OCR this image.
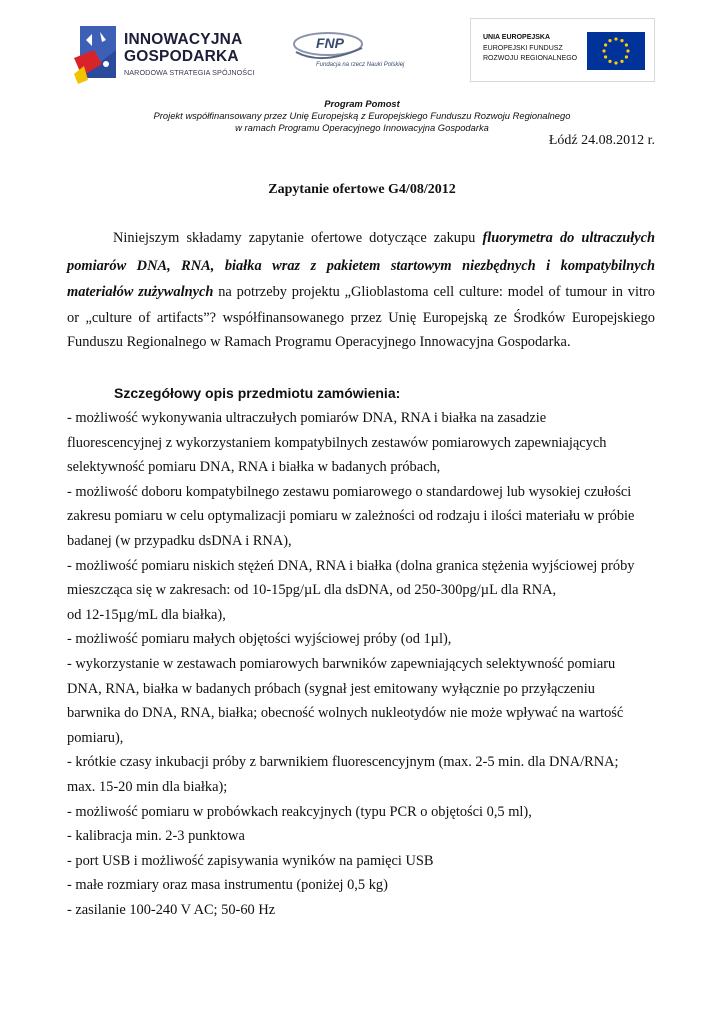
INNOWACYJNA
GOSPODARKA
NARODOWA STRATEGIA SPÓJNOŚCI
FNP
Fundacja na rzecz Nauki Polskiej
UNIA EUROPEJSKA
EUROPEJSKI FUNDUSZ
ROZWOJU REGIONALNEGO
Program Pomost
Projekt współfinansowany przez Unię Europejską z Europejskiego Funduszu Rozwoju Regionalnego
w ramach Programu Operacyjnego Innowacyjna Gospodarka
Łódź 24.08.2012 r.
Zapytanie ofertowe G4/08/2012
Niniejszym składamy zapytanie ofertowe dotyczące zakupu fluorymetra do ultraczułych
pomiarów DNA, RNA, białka wraz z pakietem startowym niezbędnych i kompatybilnych
materiałów zużywalnych na potrzeby projektu „Glioblastoma cell culture: model of tumour in vitro
or „culture of artifacts”? współfinansowanego przez Unię Europejską ze Środków Europejskiego
Funduszu Regionalnego w Ramach Programu Operacyjnego Innowacyjna Gospodarka.
Szczegółowy opis przedmiotu zamówienia:
- możliwość wykonywania ultraczułych pomiarów DNA, RNA i białka na zasadzie
fluorescencyjnej z wykorzystaniem kompatybilnych zestawów pomiarowych zapewniających
selektywność pomiaru DNA, RNA i białka w badanych próbach,
- możliwość doboru kompatybilnego zestawu pomiarowego o standardowej lub wysokiej czułości
zakresu pomiaru w celu optymalizacji pomiaru w zależności od rodzaju i ilości materiału w próbie
badanej (w przypadku dsDNA i RNA),
- możliwość pomiaru niskich stężeń DNA, RNA i białka (dolna granica stężenia wyjściowej próby
mieszcząca się w zakresach: od 10-15pg/µL dla dsDNA, od 250-300pg/µL dla RNA,
od 12-15µg/mL dla białka),
- możliwość pomiaru małych objętości wyjściowej próby (od 1µl),
- wykorzystanie w zestawach pomiarowych barwników zapewniających selektywność pomiaru
DNA, RNA, białka w badanych próbach (sygnał jest emitowany wyłącznie po przyłączeniu
barwnika do DNA, RNA, białka; obecność wolnych nukleotydów nie może wpływać na wartość
pomiaru),
- krótkie czasy inkubacji próby z barwnikiem fluorescencyjnym (max. 2-5 min. dla DNA/RNA;
max. 15-20 min dla białka);
- możliwość pomiaru w probówkach reakcyjnych (typu PCR o objętości 0,5 ml),
- kalibracja min. 2-3 punktowa
- port USB i możliwość zapisywania wyników na pamięci USB
- małe rozmiary oraz masa instrumentu (poniżej 0,5 kg)
- zasilanie 100-240 V AC; 50-60 Hz
